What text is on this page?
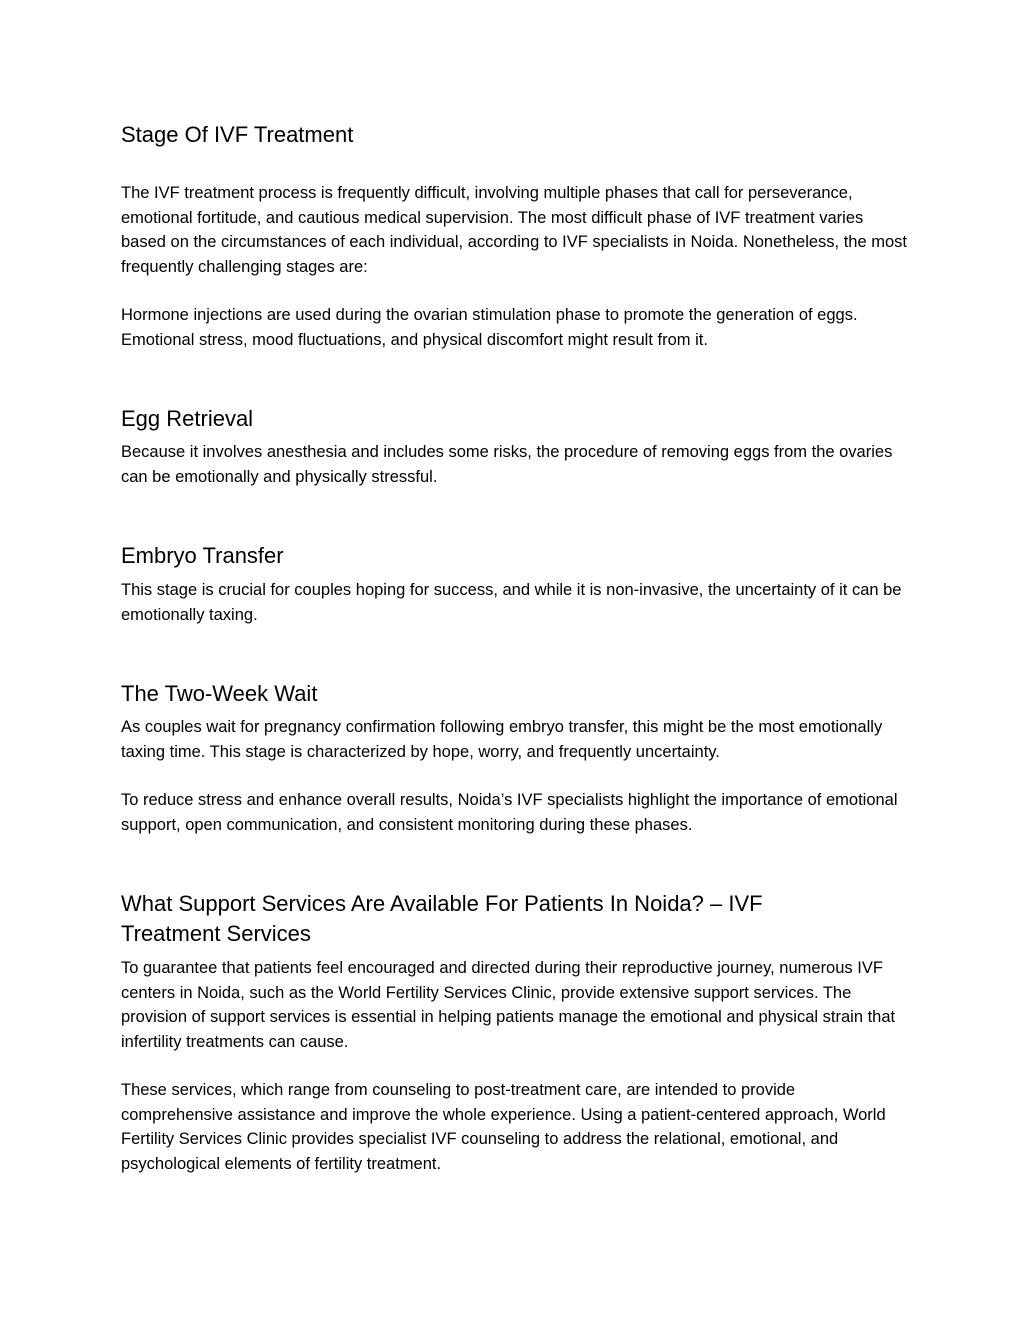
Stage Of IVF Treatment

The IVF treatment process is frequently difficult, involving multiple phases that call for perseverance, emotional fortitude, and cautious medical supervision. The most difficult phase of IVF treatment varies based on the circumstances of each individual, according to IVF specialists in Noida. Nonetheless, the most frequently challenging stages are:

Hormone injections are used during the ovarian stimulation phase to promote the generation of eggs. Emotional stress, mood fluctuations, and physical discomfort might result from it.

Egg Retrieval

Because it involves anesthesia and includes some risks, the procedure of removing eggs from the ovaries can be emotionally and physically stressful.

Embryo Transfer

This stage is crucial for couples hoping for success, and while it is non-invasive, the uncertainty of it can be emotionally taxing.

The Two-Week Wait

As couples wait for pregnancy confirmation following embryo transfer, this might be the most emotionally taxing time. This stage is characterized by hope, worry, and frequently uncertainty.

To reduce stress and enhance overall results, Noida’s IVF specialists highlight the importance of emotional support, open communication, and consistent monitoring during these phases.

What Support Services Are Available For Patients In Noida? – IVF Treatment Services

To guarantee that patients feel encouraged and directed during their reproductive journey, numerous IVF centers in Noida, such as the World Fertility Services Clinic, provide extensive support services. The provision of support services is essential in helping patients manage the emotional and physical strain that infertility treatments can cause.

These services, which range from counseling to post-treatment care, are intended to provide comprehensive assistance and improve the whole experience. Using a patient-centered approach, World Fertility Services Clinic provides specialist IVF counseling to address the relational, emotional, and psychological elements of fertility treatment.
